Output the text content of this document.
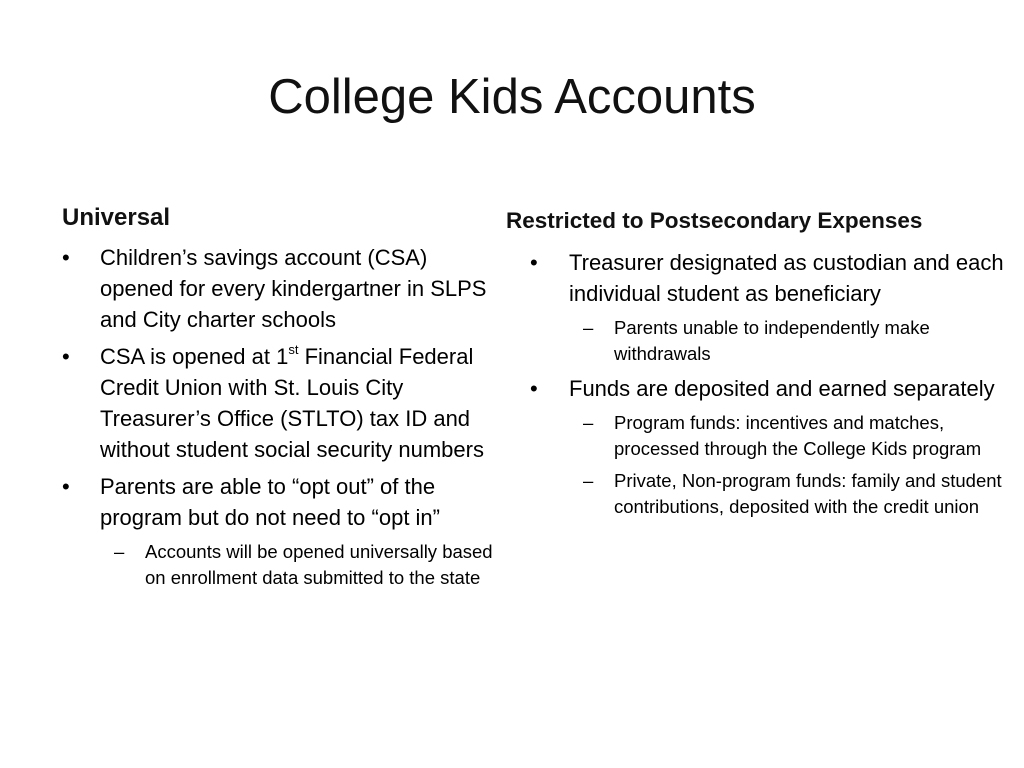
College Kids Accounts
Universal
• Children’s savings account (CSA) opened for every kindergartner in SLPS and City charter schools
• CSA is opened at 1st Financial Federal Credit Union with St. Louis City Treasurer’s Office (STLTO) tax ID and without student social security numbers
• Parents are able to “opt out” of the program but do not need to “opt in”
– Accounts will be opened universally based on enrollment data submitted to the state
Restricted to Postsecondary Expenses
• Treasurer designated as custodian and each individual student as beneficiary
– Parents unable to independently make withdrawals
• Funds are deposited and earned separately
– Program funds: incentives and matches, processed through the College Kids program
– Private, Non-program funds: family and student contributions, deposited with the credit union
